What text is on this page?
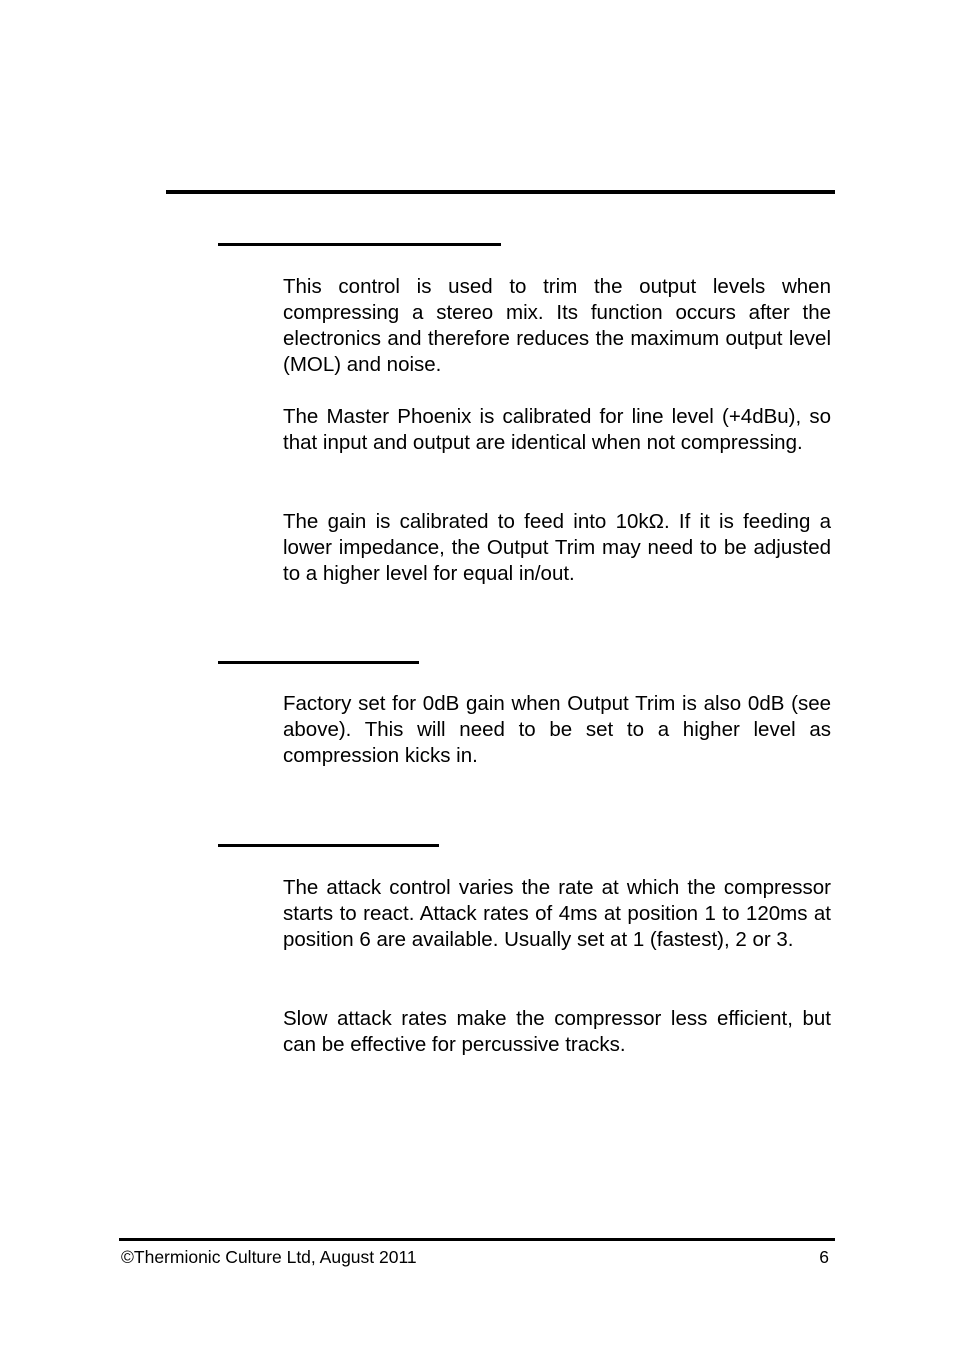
This control is used to trim the output levels when compressing a stereo mix. Its function occurs after the electronics and therefore reduces the maximum output level (MOL) and noise.

The Master Phoenix is calibrated for line level (+4dBu), so that input and output are identical when not compressing.

The gain is calibrated to feed into 10kΩ. If it is feeding a lower impedance, the Output Trim may need to be adjusted to a higher level for equal in/out.

Factory set for 0dB gain when Output Trim is also 0dB (see above). This will need to be set to a higher level as compression kicks in.

The attack control varies the rate at which the compressor starts to react. Attack rates of 4ms at position 1 to 120ms at position 6 are available. Usually set at 1 (fastest), 2 or 3.

Slow attack rates make the compressor less efficient, but can be effective for percussive tracks.

©Thermionic Culture Ltd, August 2011	6
